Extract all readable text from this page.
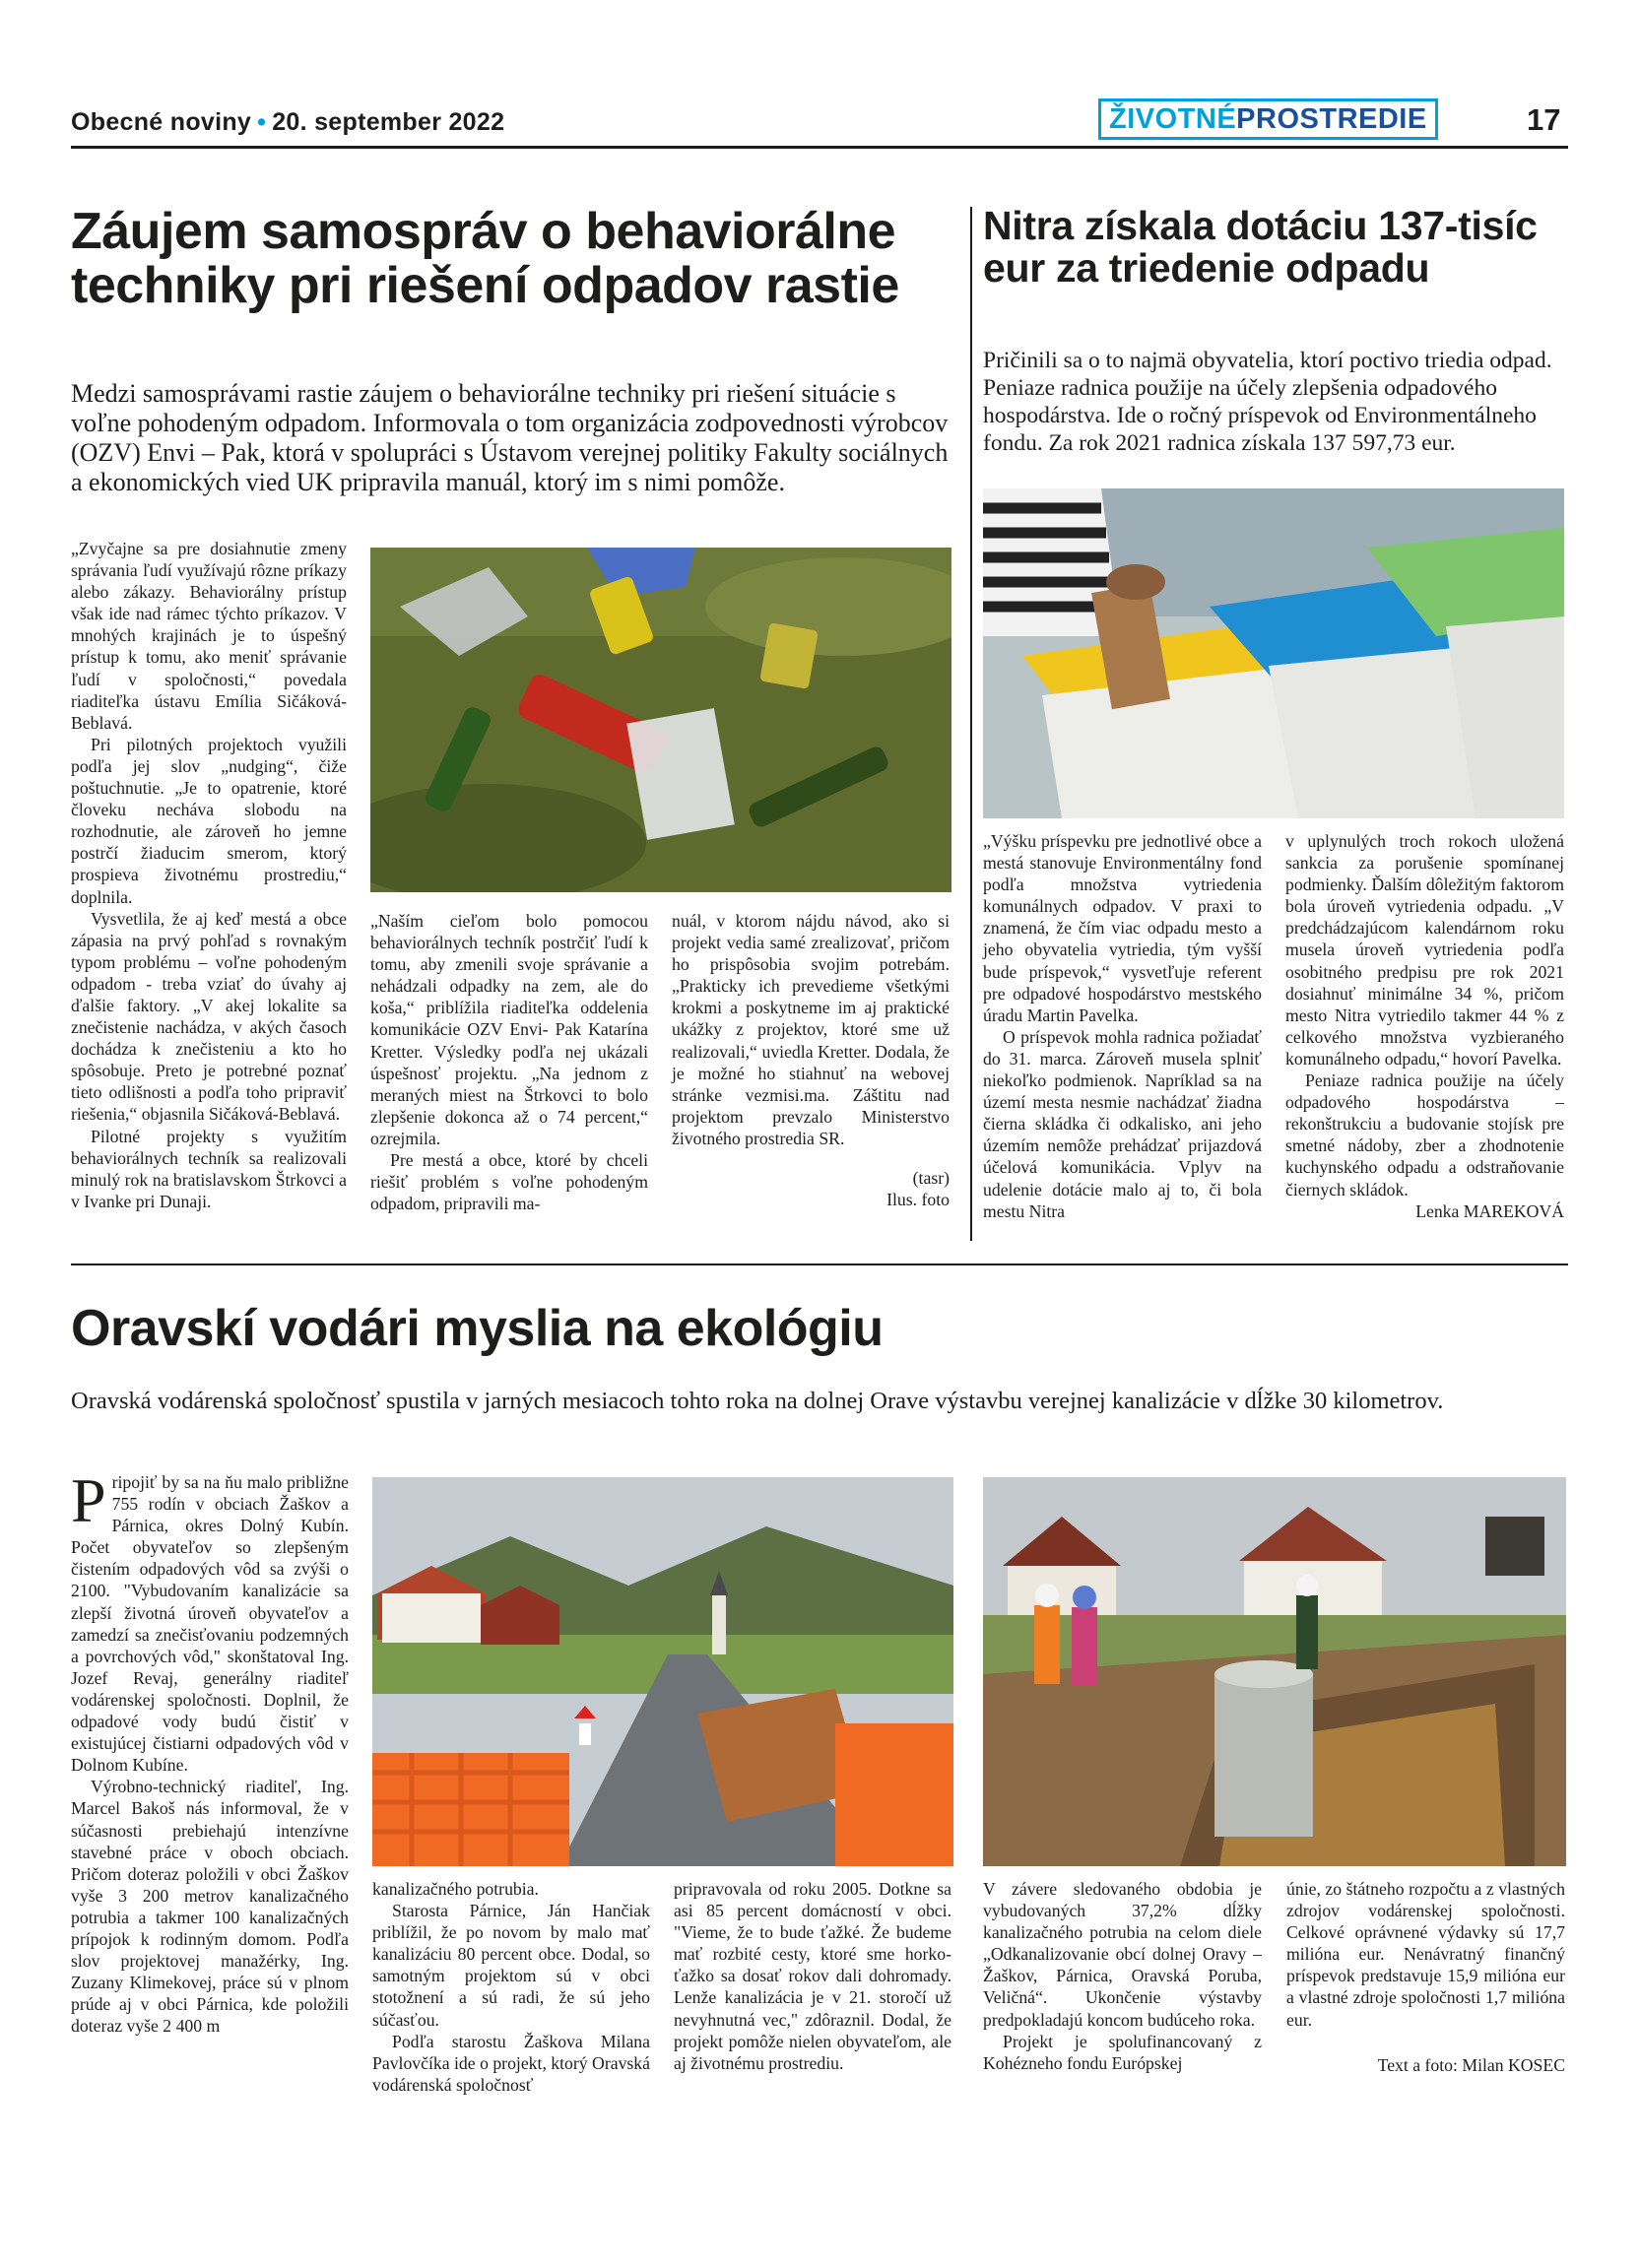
Obecné noviny • 20. september 2022	ŽIVOTNÉPROSTREDIE	17
Záujem samospráv o behaviorálne techniky pri riešení odpadov rastie
Medzi samosprávami rastie záujem o behaviorálne techniky pri riešení situácie s voľne pohodeným odpadom. Informovala o tom organizácia zodpovednosti výrobcov (OZV) Envi – Pak, ktorá v spolupráci s Ústavom verejnej politiky Fakulty sociálnych a ekonomických vied UK pripravila manuál, ktorý im s nimi pomôže.

„Zvyčajne sa pre dosiahnutie zmeny správania ľudí využívajú rôzne príkazy alebo zákazy. Behaviorálny prístup však ide nad rámec týchto príkazov. V mnohých krajinách je to úspešný prístup k tomu, ako meniť správanie ľudí v spoločnosti,“ povedala riaditeľka ústavu Emília Sičáková-Beblavá.

Pri pilotných projektoch využili podľa jej slov „nudging“, čiže poštuchnutie. „Je to opatrenie, ktoré človeku necháva slobodu na rozhodnutie, ale zároveň ho jemne postrčí žiaducim smerom, ktorý prospieva životnému prostrediu,“ doplnila.

Vysvetlila, že aj keď mestá a obce zápasia na prvý pohľad s rovnakým typom problému – voľne pohodeným odpadom - treba vziať do úvahy aj ďalšie faktory. „V akej lokalite sa znečistenie nachádza, v akých časoch dochádza k znečisteniu a kto ho spôsobuje. Preto je potrebné poznať tieto odlišnosti a podľa toho pripraviť riešenia,“ objasnila Sičáková-Beblavá.

Pilotné projekty s využitím behaviorálnych techník sa realizovali minulý rok na bratislavskom Štrkovci a v Ivanke pri Dunaji.

„Naším cieľom bolo pomocou behaviorálnych techník postrčiť ľudí k tomu, aby zmenili svoje správanie a nehádzali odpadky na zem, ale do koša,“ priblížila riaditeľka oddelenia komunikácie OZV Envi- Pak Katarína Kretter. Výsledky podľa nej ukázali úspešnosť projektu. „Na jednom z meraných miest na Štrkovci to bolo zlepšenie dokonca až o 74 percent,“ ozrejmila.

Pre mestá a obce, ktoré by chceli riešiť problém s voľne pohodeným odpadom, pripravili ma-

nuál, v ktorom nájdu návod, ako si projekt vedia samé zrealizovať, pričom ho prispôsobia svojim potrebám. „Prakticky ich prevedieme všetkými krokmi a poskytneme im aj praktické ukážky z projektov, ktoré sme už realizovali,“ uviedla Kretter. Dodala, že je možné ho stiahnuť na webovej stránke vezmisi.ma. Záštitu nad projektom prevzalo Ministerstvo životného prostredia SR.

(tasr)

Ilus. foto

Nitra získala dotáciu 137-tisíc eur za triedenie odpadu
Pričinili sa o to najmä obyvatelia, ktorí poctivo triedia odpad. Peniaze radnica použije na účely zlepšenia odpadového hospodárstva. Ide o ročný príspevok od Environmentálneho fondu. Za rok 2021 radnica získala 137 597,73 eur.

„Výšku príspevku pre jednotlivé obce a mestá stanovuje Environmentálny fond podľa množstva vytriedenia komunálnych odpadov. V praxi to znamená, že čím viac odpadu mesto a jeho obyvatelia vytriedia, tým vyšší bude príspevok,“ vysvetľuje referent pre odpadové hospodárstvo mestského úradu Martin Pavelka.

O príspevok mohla radnica požiadať do 31. marca. Zároveň musela splniť niekoľko podmienok. Napríklad sa na území mesta nesmie nachádzať žiadna čierna skládka či odkalisko, ani jeho územím nemôže prehádzať prijazdová účelová komunikácia. Vplyv na udelenie dotácie malo aj to, či bola mestu Nitra

v uplynulých troch rokoch uložená sankcia za porušenie spomínanej podmienky. Ďalším dôležitým faktorom bola úroveň vytriedenia odpadu. „V predchádzajúcom kalendárnom roku musela úroveň vytriedenia podľa osobitného predpisu pre rok 2021 dosiahnuť minimálne 34 %, pričom mesto Nitra vytriedilo takmer 44 % z celkového množstva vyzbieraného komunálneho odpadu,“ hovorí Pavelka.

Peniaze radnica použije na účely odpadového hospodárstva – rekonštrukciu a budovanie stojísk pre smetné nádoby, zber a zhodnotenie kuchynského odpadu a odstraňovanie čiernych skládok.

Lenka MAREKOVÁ

Oravskí vodári myslia na ekológiu
Oravská vodárenská spoločnosť spustila v jarných mesiacoch tohto roka na dolnej Orave výstavbu verejnej kanalizácie v dĺžke 30 kilometrov.
P ripojiť by sa na ňu malo približne 755 rodín v obciach Žaškov a Párnica, okres Dolný Kubín. Počet obyvateľov so zlepšeným čistením odpadových vôd sa zvýši o 2100. "Vybudovaním kanalizácie sa zlepší životná úroveň obyvateľov a zamedzí sa znečisťovaniu podzemných a povrchových vôd," skonštatoval Ing. Jozef Revaj, generálny riaditeľ vodárenskej spoločnosti. Doplnil, že odpadové vody budú čistiť v existujúcej čistiarni odpadových vôd v Dolnom Kubíne.

Výrobno-technický riaditeľ, Ing. Marcel Bakoš nás informoval, že v súčasnosti prebiehajú intenzívne stavebné práce v oboch obciach. Pričom doteraz položili v obci Žaškov vyše 3 200 metrov kanalizačného potrubia a takmer 100 kanalizačných prípojok k rodinným domom. Podľa slov projektovej manažérky, Ing. Zuzany Klimekovej, práce sú v plnom prúde aj v obci Párnica, kde položili doteraz vyše 2 400 m

kanalizačného potrubia.

Starosta Párnice, Ján Hančiak priblížil, že po novom by malo mať kanalizáciu 80 percent obce. Dodal, so samotným projektom sú v obci stotožnení a sú radi, že sú jeho súčasťou.

Podľa starostu Žaškova Milana Pavlovčíka ide o projekt, ktorý Oravská vodárenská spoločnosť

pripravovala od roku 2005. Dotkne sa asi 85 percent domácností v obci. "Vieme, že to bude ťažké. Že budeme mať rozbité cesty, ktoré sme horko-ťažko sa dosať rokov dali dohromady. Lenže kanalizácia je v 21. storočí už nevyhnutná vec," zdôraznil. Dodal, že projekt pomôže nielen obyvateľom, ale aj životnému prostrediu.

V závere sledovaného obdobia je vybudovaných 37,2% dĺžky kanalizačného potrubia na celom diele „Odkanalizovanie obcí dolnej Oravy – Žaškov, Párnica, Oravská Poruba, Veličná“. Ukončenie výstavby predpokladajú koncom budúceho roka.

Projekt je spolufinancovaný z Kohézneho fondu Európskej

únie, zo štátneho rozpočtu a z vlastných zdrojov vodárenskej spoločnosti. Celkové oprávnené výdavky sú 17,7 miliónа eur. Nenávratný finančný príspevok predstavuje 15,9 milióna eur a vlastné zdroje spoločnosti 1,7 milióna eur.

Text a foto: Milan KOSEC
